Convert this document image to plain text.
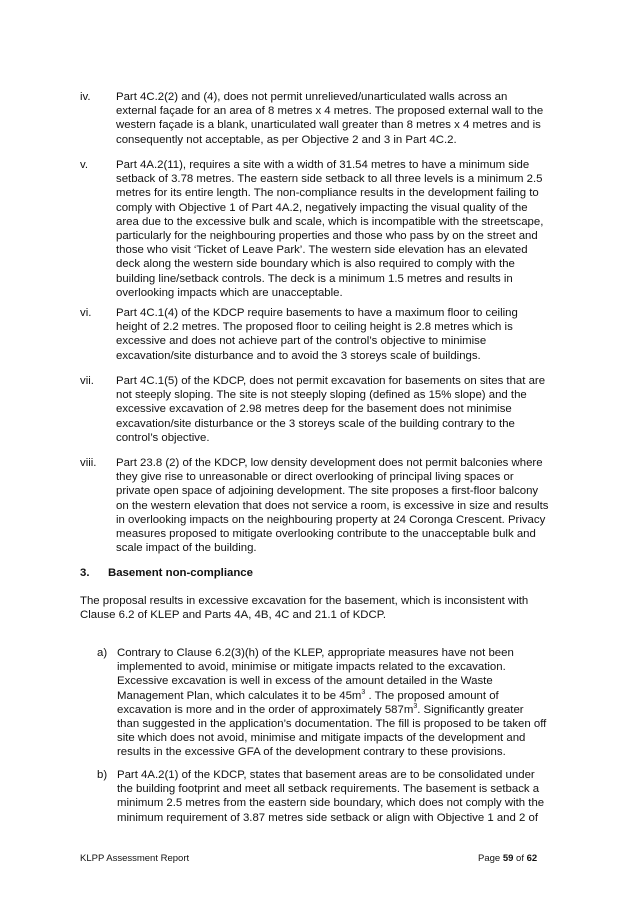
iv. Part 4C.2(2) and (4), does not permit unrelieved/unarticulated walls across an external façade for an area of 8 metres x 4 metres. The proposed external wall to the western façade is a blank, unarticulated wall greater than 8 metres x 4 metres and is consequently not acceptable, as per Objective 2 and 3 in Part 4C.2.
v. Part 4A.2(11), requires a site with a width of 31.54 metres to have a minimum side setback of 3.78 metres. The eastern side setback to all three levels is a minimum 2.5 metres for its entire length. The non-compliance results in the development failing to comply with Objective 1 of Part 4A.2, negatively impacting the visual quality of the area due to the excessive bulk and scale, which is incompatible with the streetscape, particularly for the neighbouring properties and those who pass by on the street and those who visit ‘Ticket of Leave Park’. The western side elevation has an elevated deck along the western side boundary which is also required to comply with the building line/setback controls. The deck is a minimum 1.5 metres and results in overlooking impacts which are unacceptable.
vi. Part 4C.1(4) of the KDCP require basements to have a maximum floor to ceiling height of 2.2 metres. The proposed floor to ceiling height is 2.8 metres which is excessive and does not achieve part of the control’s objective to minimise excavation/site disturbance and to avoid the 3 storeys scale of buildings.
vii. Part 4C.1(5) of the KDCP, does not permit excavation for basements on sites that are not steeply sloping. The site is not steeply sloping (defined as 15% slope) and the excessive excavation of 2.98 metres deep for the basement does not minimise excavation/site disturbance or the 3 storeys scale of the building contrary to the control’s objective.
viii. Part 23.8 (2) of the KDCP, low density development does not permit balconies where they give rise to unreasonable or direct overlooking of principal living spaces or private open space of adjoining development. The site proposes a first-floor balcony on the western elevation that does not service a room, is excessive in size and results in overlooking impacts on the neighbouring property at 24 Coronga Crescent. Privacy measures proposed to mitigate overlooking contribute to the unacceptable bulk and scale impact of the building.
3. Basement non-compliance
The proposal results in excessive excavation for the basement, which is inconsistent with Clause 6.2 of KLEP and Parts 4A, 4B, 4C and 21.1 of KDCP.
a) Contrary to Clause 6.2(3)(h) of the KLEP, appropriate measures have not been implemented to avoid, minimise or mitigate impacts related to the excavation. Excessive excavation is well in excess of the amount detailed in the Waste Management Plan, which calculates it to be $45m^3$ . The proposed amount of excavation is more and in the order of approximately $587m^3$. Significantly greater than suggested in the application’s documentation. The fill is proposed to be taken off site which does not avoid, minimise and mitigate impacts of the development and results in the excessive GFA of the development contrary to these provisions.
b) Part 4A.2(1) of the KDCP, states that basement areas are to be consolidated under the building footprint and meet all setback requirements. The basement is setback a minimum 2.5 metres from the eastern side boundary, which does not comply with the minimum requirement of 3.87 metres side setback or align with Objective 1 and 2 of
KLPP Assessment Report	Page 59 of 62
